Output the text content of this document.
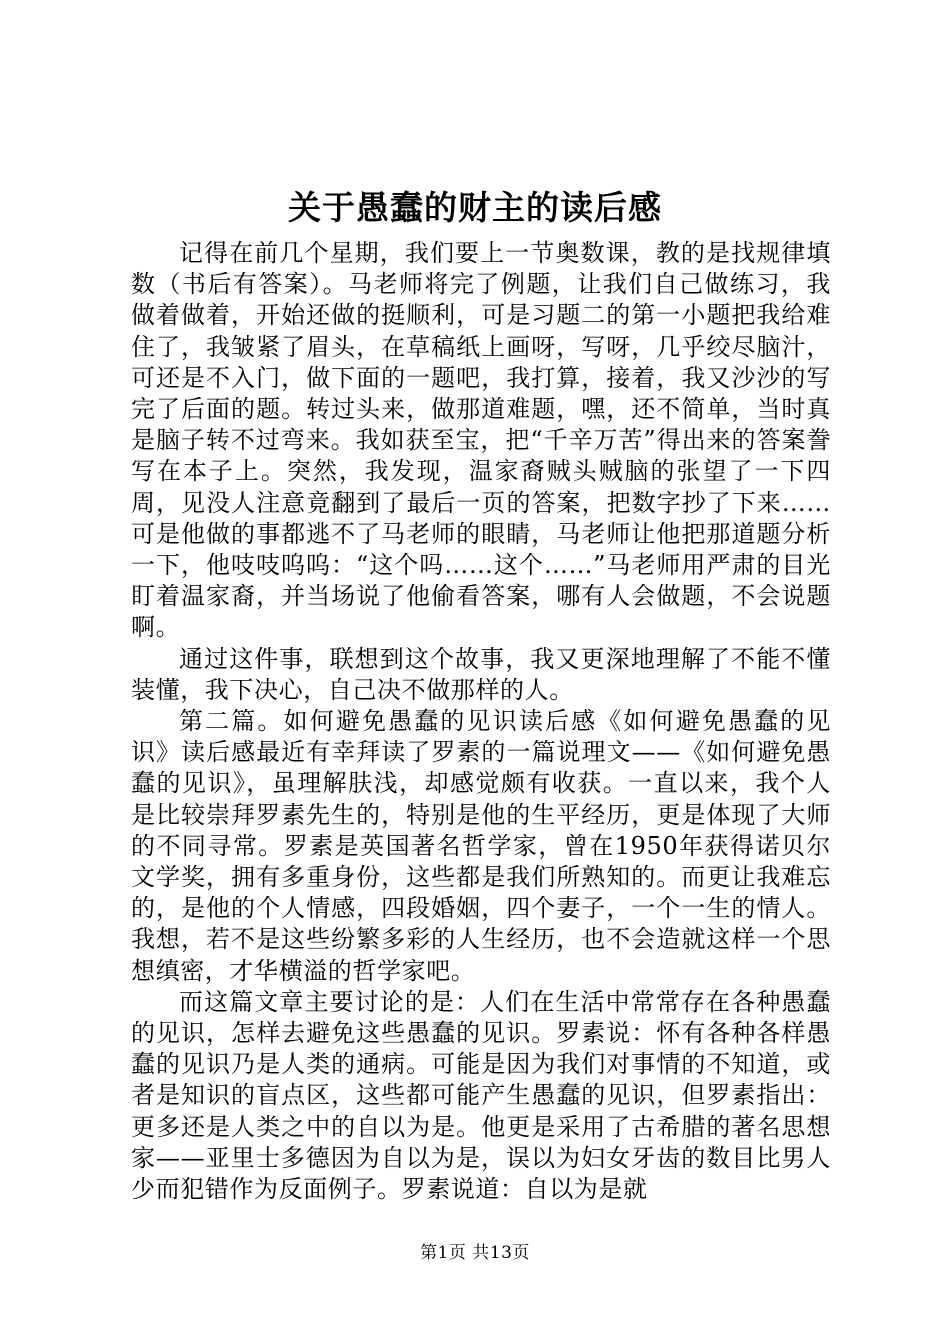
关于愚蠢的财主的读后感

记得在前几个星期，我们要上一节奥数课，教的是找规律填数（书后有答案）。马老师将完了例题，让我们自己做练习，我做着做着，开始还做的挺顺利，可是习题二的第一小题把我给难住了，我皱紧了眉头，在草稿纸上画呀，写呀，几乎绞尽脑汁，可还是不入门，做下面的一题吧，我打算，接着，我又沙沙的写完了后面的题。转过头来，做那道难题，嘿，还不简单，当时真是脑子转不过弯来。我如获至宝，把“千辛万苦”得出来的答案誊写在本子上。突然，我发现，温家裔贼头贼脑的张望了一下四周，见没人注意竟翻到了最后一页的答案，把数字抄了下来……可是他做的事都逃不了马老师的眼睛，马老师让他把那道题分析一下，他吱吱呜呜：“这个吗……这个……”马老师用严肃的目光盯着温家裔，并当场说了他偷看答案，哪有人会做题，不会说题啊。

通过这件事，联想到这个故事，我又更深地理解了不能不懂装懂，我下决心，自己决不做那样的人。

第二篇。如何避免愚蠢的见识读后感《如何避免愚蠢的见识》读后感最近有幸拜读了罗素的一篇说理文——《如何避免愚蠢的见识》，虽理解肤浅，却感觉颇有收获。一直以来，我个人是比较崇拜罗素先生的，特别是他的生平经历，更是体现了大师的不同寻常。罗素是英国著名哲学家，曾在1950年获得诺贝尔文学奖，拥有多重身份，这些都是我们所熟知的。而更让我难忘的，是他的个人情感，四段婚姻，四个妻子，一个一生的情人。我想，若不是这些纷繁多彩的人生经历，也不会造就这样一个思想缜密，才华横溢的哲学家吧。

而这篇文章主要讨论的是：人们在生活中常常存在各种愚蠢的见识，怎样去避免这些愚蠢的见识。罗素说：怀有各种各样愚蠢的见识乃是人类的通病。可能是因为我们对事情的不知道，或者是知识的盲点区，这些都可能产生愚蠢的见识，但罗素指出：更多还是人类之中的自以为是。他更是采用了古希腊的著名思想家——亚里士多德因为自以为是，误以为妇女牙齿的数目比男人少而犯错作为反面例子。罗素说道：自以为是就

第1页 共13页
